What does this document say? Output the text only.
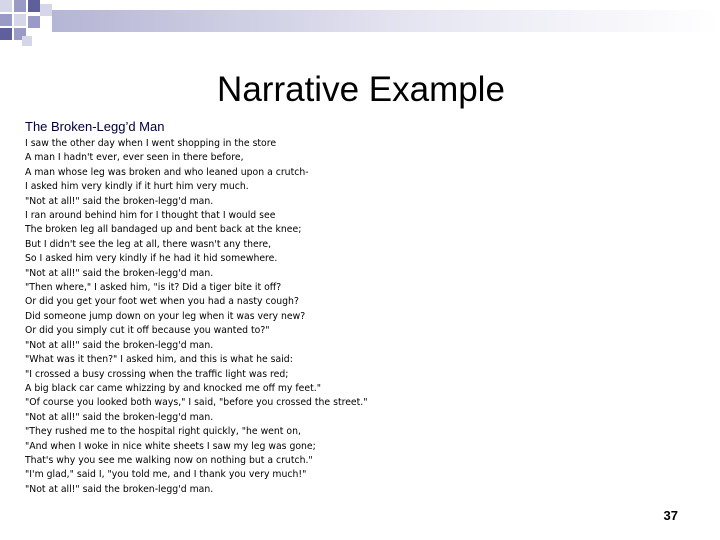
Narrative Example
The Broken-Legg’d Man
I saw the other day when I went shopping in the store
A man I hadn't ever, ever seen in there before,
A man whose leg was broken and who leaned upon a crutch-
I asked him very kindly if it hurt him very much.
"Not at all!" said the broken-legg'd man.
I ran around behind him for I thought that I would see
The broken leg all bandaged up and bent back at the knee;
But I didn't see the leg at all, there wasn't any there,
So I asked him very kindly if he had it hid somewhere.
"Not at all!" said the broken-legg'd man.
"Then where," I asked him, "is it? Did a tiger bite it off?
Or did you get your foot wet when you had a nasty cough?
Did someone jump down on your leg when it was very new?
Or did you simply cut it off because you wanted to?"
"Not at all!" said the broken-legg'd man.
"What was it then?" I asked him, and this is what he said:
"I crossed a busy crossing when the traffic light was red;
A big black car came whizzing by and knocked me off my feet."
"Of course you looked both ways," I said, "before you crossed the street."
"Not at all!" said the broken-legg'd man.
"They rushed me to the hospital right quickly, "he went on,
"And when I woke in nice white sheets I saw my leg was gone;
That's why you see me walking now on nothing but a crutch."
"I'm glad," said I, "you told me, and I thank you very much!"
"Not at all!" said the broken-legg'd man.
37
